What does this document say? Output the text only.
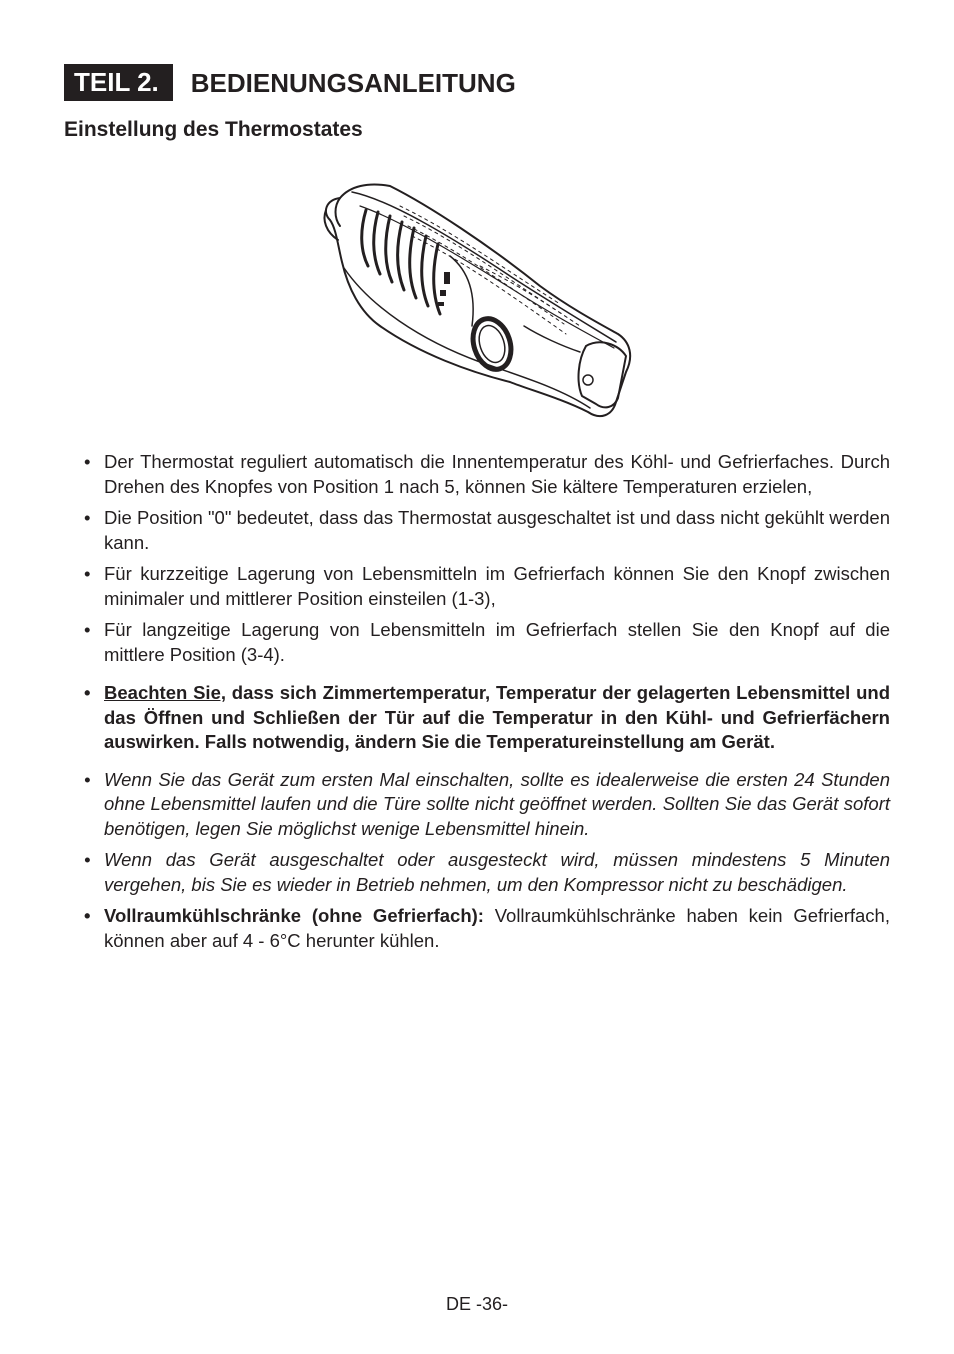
TEIL 2.	BEDIENUNGSANLEITUNG
Einstellung des Thermostates
• Der Thermostat reguliert automatisch die Innentemperatur des Köhl- und Gefrierfaches. Durch Drehen des Knopfes von Position 1 nach 5, können Sie kältere Temperaturen erzielen,
• Die Position "0" bedeutet, dass das Thermostat ausgeschaltet ist und dass nicht gekühlt werden kann.
• Für kurzzeitige Lagerung von Lebensmitteln im Gefrierfach können Sie den Knopf zwischen minimaler und mittlerer Position einsteilen (1-3),
• Für langzeitige Lagerung von Lebensmitteln im Gefrierfach stellen Sie den Knopf auf die mittlere Position (3-4).
• Beachten Sie, dass sich Zimmertemperatur, Temperatur der gelagerten Lebensmittel und das Öffnen und Schließen der Tür auf die Temperatur in den Kühl- und Gefrierfächern auswirken. Falls notwendig, ändern Sie die Temperatureinstellung am Gerät.
• Wenn Sie das Gerät zum ersten Mal einschalten, sollte es idealerweise die ersten 24 Stunden ohne Lebensmittel laufen und die Türe sollte nicht geöffnet werden. Sollten Sie das Gerät sofort benötigen, legen Sie möglichst wenige Lebensmittel hinein.
• Wenn das Gerät ausgeschaltet oder ausgesteckt wird, müssen mindestens 5 Minuten vergehen, bis Sie es wieder in Betrieb nehmen, um den Kompressor nicht zu beschädigen.
• Vollraumkühlschränke (ohne Gefrierfach): Vollraumkühlschränke haben kein Gefrierfach, können aber auf 4 - 6°C herunter kühlen.
DE -36-
